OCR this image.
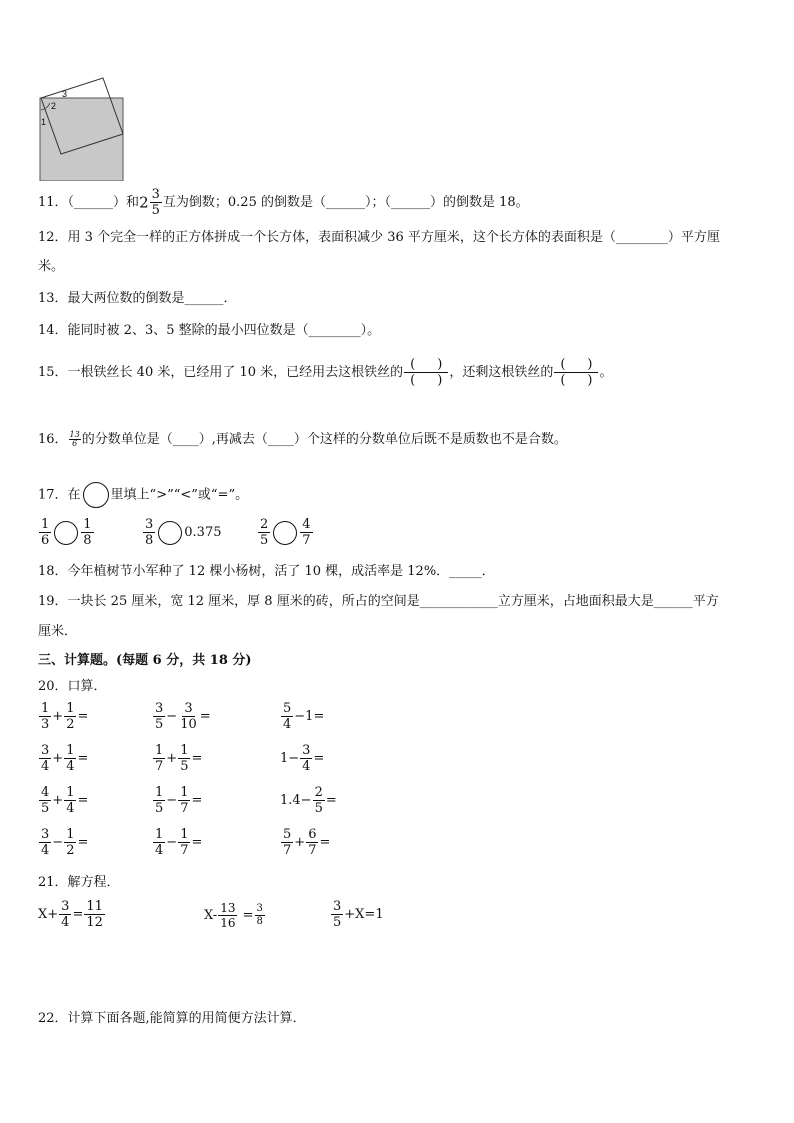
3
2
1
11．（______）和$2 \frac{3}{5}$ 互为倒数；0.25 的倒数是（______）；（______）的倒数是 18。
12．用 3 个完全一样的正方体拼成一个长方体，表面积减少 36 平方厘米，这个长方体的表面积是（________）平方厘
米。
13．最大两位数的倒数是______．
14．能同时被 2、3、5 整除的最小四位数是（________）。
15．一根铁丝长 40 米，已经用了 10 米，已经用去这根铁丝的 $\frac{( )}{( )}$ ，还剩这根铁丝的 $\frac{( )}{( )}$ 。
16． $\frac{13}{6}$ 的分数单位是（____）,再减去（____）个这样的分数单位后既不是质数也不是合数。
17．在 里填上“>”“<”或“=”。
$\frac{1}{6} \frac{1}{8}$	$\frac{3}{8} 0.375$	$\frac{2}{5} \frac{4}{7}$
18．今年植树节小军种了 12 棵小杨树，活了 10 棵，成活率是 12%．_____．
19．一块长 25 厘米，宽 12 厘米，厚 8 厘米的砖，所占的空间是____________立方厘米，占地面积最大是______平方
厘米．
三、计算题。(每题 6 分，共 18 分)
20．口算．
$\frac{1}{3} + \frac{1}{2}$ =	$\frac{3}{5} - \frac{3}{10}$ =	$\frac{5}{4} -1=$
$\frac{3}{4} + \frac{1}{4}$ =	$\frac{1}{7} + \frac{1}{5}$ =	$1- \frac{3}{4}$ =
$\frac{4}{5} + \frac{1}{4}$ =	$\frac{1}{5} - \frac{1}{7}$ =	$1.4- \frac{2}{5}$ =
$\frac{3}{4} - \frac{1}{2}$ =	$\frac{1}{4} - \frac{1}{7}$ =	$\frac{5}{7} + \frac{6}{7}$ =
21．解方程．
$X+ \frac{3}{4} = \frac{11}{12}$	$X- \frac{13}{16} = \frac{3}{8}$	$\frac{3}{5} +X=1$
22．计算下面各题,能简算的用简便方法计算．
